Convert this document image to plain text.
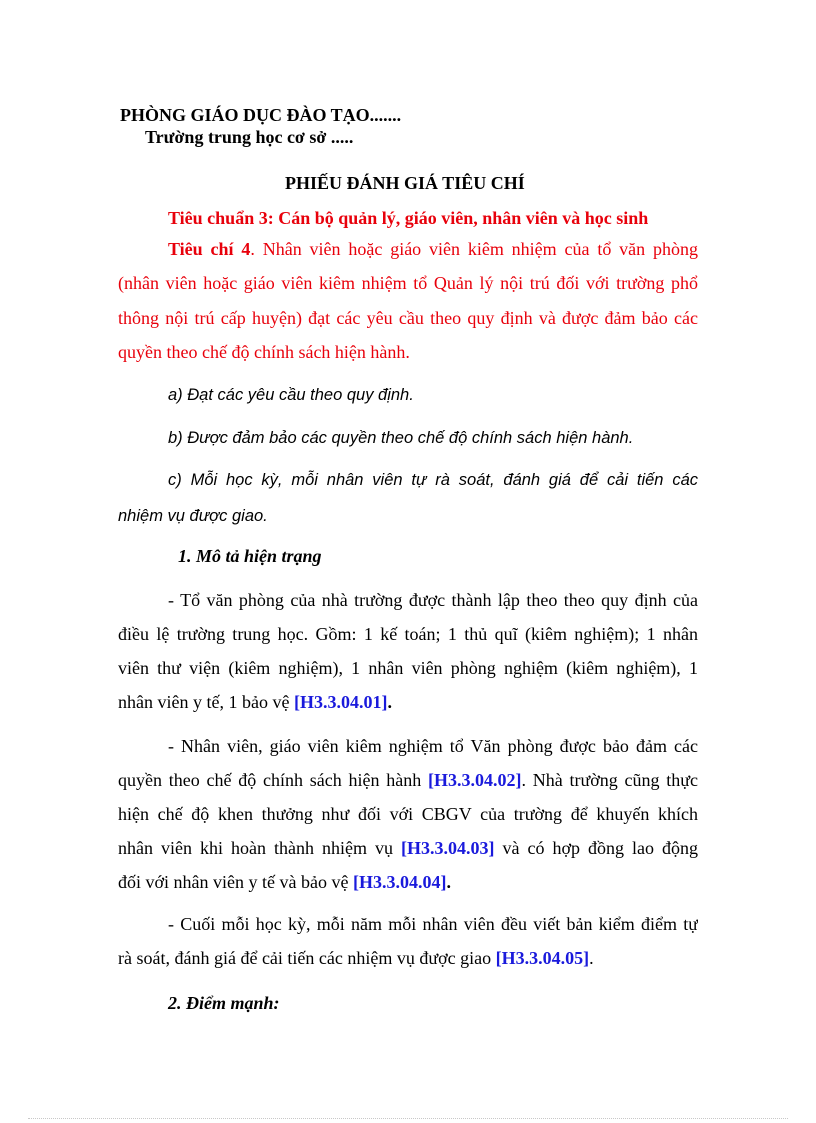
PHÒNG GIÁO DỤC ĐÀO TẠO.......
Trường trung học cơ sở .....
PHIẾU ĐÁNH GIÁ TIÊU CHÍ
Tiêu chuẩn 3: Cán bộ quản lý, giáo viên, nhân viên và học sinh
Tiêu chí 4. Nhân viên hoặc giáo viên kiêm nhiệm của tổ văn phòng
(nhân viên hoặc giáo viên kiêm nhiệm tổ Quản lý nội trú đối với trường phổ
thông nội trú cấp huyện) đạt các yêu cầu theo quy định và được đảm bảo các
quyền theo chế độ chính sách hiện hành.
a) Đạt các yêu cầu theo quy định.
b) Được đảm bảo các quyền theo chế độ chính sách hiện hành.
c) Mỗi học kỳ, mỗi nhân viên tự rà soát, đánh giá để cải tiến các
nhiệm vụ được giao.
1. Mô tả hiện trạng
- Tổ văn phòng của nhà trường được thành lập theo theo quy định của
điều lệ trường trung học. Gồm: 1 kế toán; 1 thủ quĩ (kiêm nghiệm); 1 nhân
viên thư viện (kiêm nghiệm), 1 nhân viên phòng nghiệm (kiêm nghiệm), 1
nhân viên y tế, 1 bảo vệ [H3.3.04.01].
- Nhân viên, giáo viên kiêm nghiệm tổ Văn phòng được bảo đảm các
quyền theo chế độ chính sách hiện hành [H3.3.04.02]. Nhà trường cũng thực
hiện chế độ khen thưởng như đối với CBGV của trường để khuyến khích
nhân viên khi hoàn thành nhiệm vụ [H3.3.04.03] và có hợp đồng lao động
đối với nhân viên y tế và bảo vệ [H3.3.04.04].
- Cuối mỗi học kỳ, mỗi năm mỗi nhân viên đều viết bản kiểm điểm tự
rà soát, đánh giá để cải tiến các nhiệm vụ được giao [H3.3.04.05].
2. Điểm mạnh:
